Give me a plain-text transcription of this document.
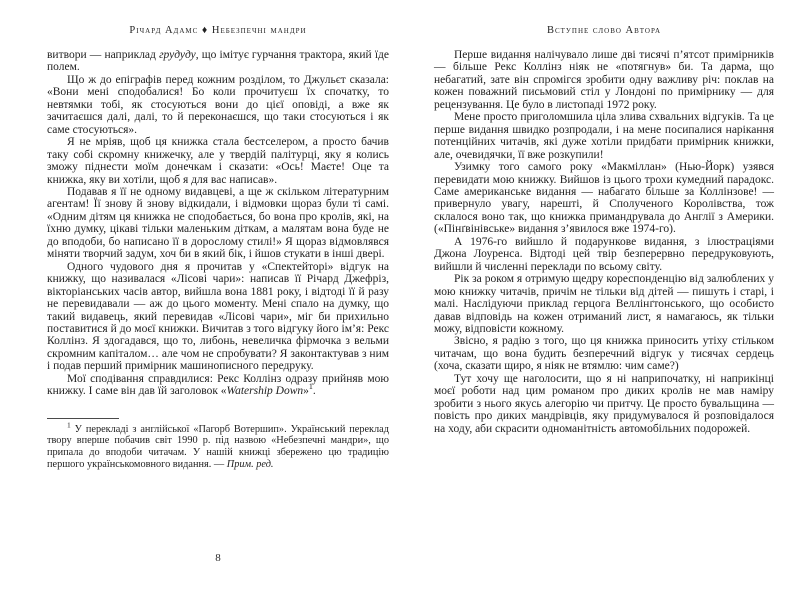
Річард Адамс ♦ Небезпечні мандри

витвори — наприклад грудуду, що імітує гурчання трактора, який їде полем.

Що ж до епіграфів перед кожним розділом, то Джульєт сказала: «Вони мені сподобалися! Бо коли прочитуєш їх спочатку, то невтямки тобі, як стосуються вони до цієї оповіді, а вже як зачитаєшся далі, далі, то й переконаєшся, що таки стосуються і як саме стосуються».

Я не мріяв, щоб ця книжка стала бестселером, а просто бачив таку собі скромну книжечку, але у твердій палітурці, яку я колись зможу піднести моїм донечкам і сказати: «Ось! Маєте! Оце та книжка, яку ви хотіли, щоб я для вас написав».

Подавав я її не одному видавцеві, а ще ж скільком літературним агентам! Її знову й знову відкидали, і відмовки щораз були ті самі. «Одним дітям ця книжка не сподобається, бо вона про кролів, які, на їхню думку, цікаві тільки маленьким діткам, а малятам вона буде не до вподоби, бо написано її в дорослому стилі!» Я щораз відмовлявся міняти творчий задум, хоч би в який бік, і йшов стукати в інші двері.

Одного чудового дня я прочитав у «Спектейторі» відгук на книжку, що називалася «Лісові чари»: написав її Річард Джефріз, вікторіанських часів автор, вийшла вона 1881 року, і відтоді її й разу не перевидавали — аж до цього моменту. Мені спало на думку, що такий видавець, який перевидав «Лісові чари», міг би прихильно поставитися й до моєї книжки. Вичитав з того відгуку його ім’я: Рекс Коллінз. Я здогадався, що то, либонь, невеличка фірмочка з вельми скромним капіталом… але чом не спробувати? Я законтактував з ним і подав перший примірник машинописного передруку.

Мої сподівання справдилися: Рекс Коллінз одразу прийняв мою книжку. І саме він дав їй заголовок «Watership Down»$^1$.

$^1$ У перекладі з англійської «Пагорб Вотершип». Український переклад твору вперше побачив світ 1990 р. під назвою «Небезпечні мандри», що припала до вподоби читачам. У нашій книжці збережено цю традицію першого українськомовного видання. — Прим. ред.
8
Вступне слово Автора

Перше видання налічувало лише дві тисячі п’ятсот примірників — більше Рекс Коллінз ніяк не «потягнув» би. Та дарма, що небагатий, зате він спромігся зробити одну важливу річ: поклав на кожен поважний письмовий стіл у Лондоні по примірнику — для рецензування. Це було в листопаді 1972 року.

Мене просто приголомшила ціла злива схвальних відгуків. Та це перше видання швидко розпродали, і на мене посипалися нарікання потенційних читачів, які дуже хотіли придбати примірник книжки, але, очевидячки, її вже розкупили!

Узимку того самого року «Макміллан» (Нью-Йорк) узявся перевидати мою книжку. Вийшов із цього трохи кумедний парадокс. Саме американське видання — набагато більше за Коллінзове! — привернуло увагу, нарешті, й Сполученого Королівства, тож склалося воно так, що книжка примандрувала до Англії з Америки. («Пінґвінівське» видання з’явилося вже 1974-го).

А 1976-го вийшло й подарункове видання, з ілюстраціями Джона Лоуренса. Відтоді цей твір безперервно передруковують, вийшли й численні переклади по всьому світу.

Рік за роком я отримую щедру кореспонденцію від залюблених у мою книжку читачів, причім не тільки від дітей — пишуть і старі, і малі. Наслідуючи приклад герцога Веллінґтонського, що особисто давав відповідь на кожен отриманий лист, я намагаюсь, як тільки можу, відповісти кожному.

Звісно, я радію з того, що ця книжка приносить утіху стільком читачам, що вона будить безперечний відгук у тисячах сердець (хоча, сказати щиро, я ніяк не втямлю: чим саме?)

Тут хочу ще наголосити, що я ні наприпочатку, ні наприкінці моєї роботи над цим романом про диких кролів не мав наміру зробити з нього якусь алегорію чи притчу. Це просто бувальщина — повість про диких мандрівців, яку придумувалося й розповідалося на ходу, аби скрасити одноманітність автомобільних подорожей.
